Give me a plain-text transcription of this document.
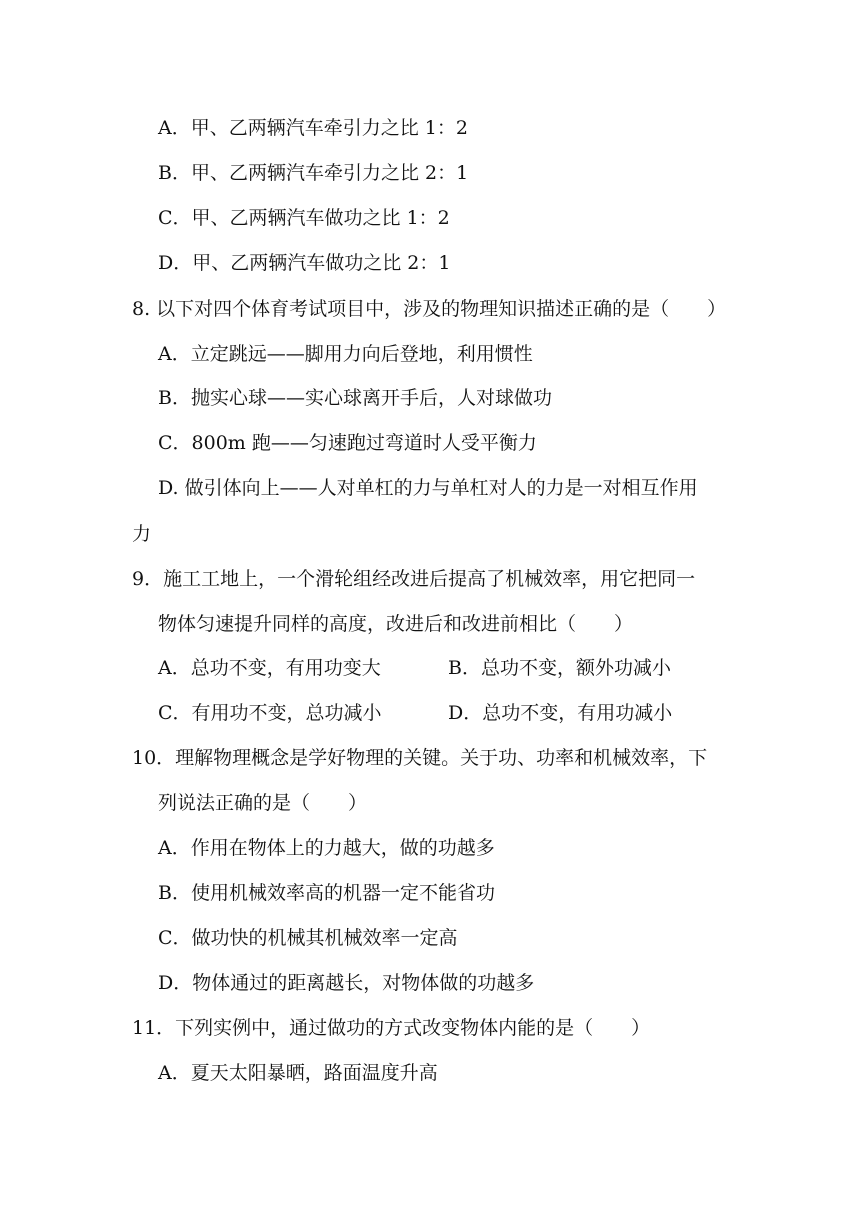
A．甲、乙两辆汽车牵引力之比 1：2
B．甲、乙两辆汽车牵引力之比 2：1
C．甲、乙两辆汽车做功之比 1：2
D．甲、乙两辆汽车做功之比 2：1
8. 以下对四个体育考试项目中，涉及的物理知识描述正确的是（　　）
A．立定跳远——脚用力向后登地，利用惯性
B．抛实心球——实心球离开手后，人对球做功
C．800m 跑——匀速跑过弯道时人受平衡力
D. 做引体向上——人对单杠的力与单杠对人的力是一对相互作用
力
9．施工工地上，一个滑轮组经改进后提高了机械效率，用它把同一
物体匀速提升同样的高度，改进后和改进前相比（　　）
A．总功不变，有用功变大	B．总功不变，额外功减小
C．有用功不变，总功减小	D．总功不变，有用功减小
10．理解物理概念是学好物理的关键。关于功、功率和机械效率，下
列说法正确的是（　　）
A．作用在物体上的力越大，做的功越多
B．使用机械效率高的机器一定不能省功
C．做功快的机械其机械效率一定高
D．物体通过的距离越长，对物体做的功越多
11．下列实例中，通过做功的方式改变物体内能的是（　　）
A．夏天太阳暴晒，路面温度升高
